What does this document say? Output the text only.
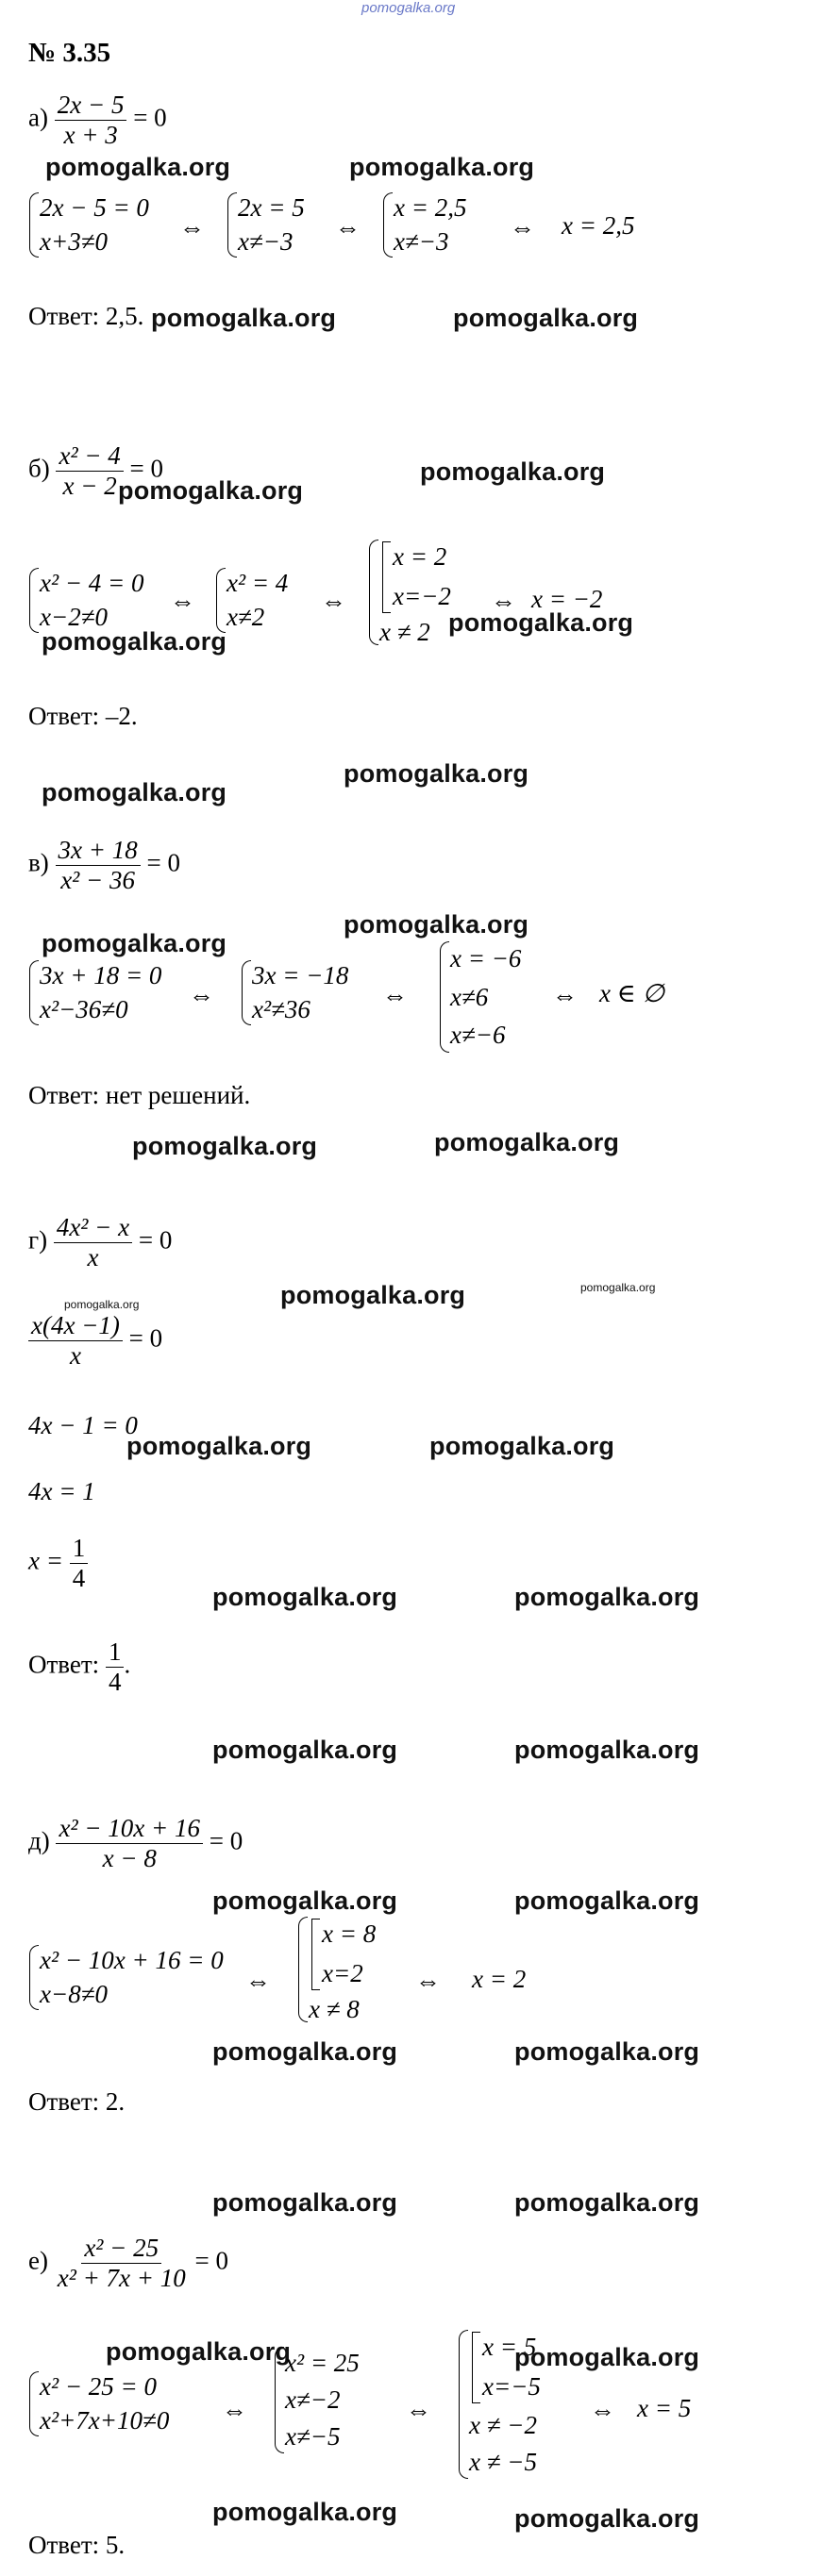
pomogalka.org
№ 3.35
$а) \frac{2x - 5}{x + 3} = 0$
pomogalka.org	pomogalka.org
2x − 5 = 0
x+3≠0
⇔
2x = 5
x≠−3
⇔
x = 2,5
x≠−3
⇔ x = 2,5
Ответ: 2,5. pomogalka.org	pomogalka.org
$б) \frac{\text{x² − 4}}{x - 2} = 0$
pomogalka.org
pomogalka.org
x² − 4 = 0
x−2≠0
⇔
x² = 4
x≠2
⇔
x = 2
x=−2
x ≠ 2
⇔ x = −2
pomogalka.org
pomogalka.org
Ответ: –2.
pomogalka.org
pomogalka.org
$в) \frac{3x + 18}{\text{x² − 36}} = 0$
pomogalka.org
pomogalka.org
3x + 18 = 0
x²−36≠0
⇔
3x = −18
x²≠36
⇔
x = −6
x≠6
x≠−6
⇔ x ∈ ∅
Ответ: нет решений.
pomogalka.org	pomogalka.org
$г) \frac{\text{4x² − x}}{x} = 0$
pomogalka.org	pomogalka.org	pomogalka.org
$\frac{x(4x -1)}{x} = 0$
4x − 1 = 0
pomogalka.org	pomogalka.org
4x = 1
$x = \frac{1}{4}$
pomogalka.org	pomogalka.org
Ответ: $\frac{1}{4}$ .
pomogalka.org	pomogalka.org
$д) \frac{\text{x² − 10x + 16}}{x - 8} = 0$
pomogalka.org	pomogalka.org
x² − 10x + 16 = 0
x−8≠0	⇔
x = 8
x=2
x ≠ 8
⇔ x = 2
pomogalka.org	pomogalka.org
Ответ: 2.
pomogalka.org	pomogalka.org
$е) \frac{\text{x² − 25}}{\text{x² + 7x + 10}} = 0$
pomogalka.org
x² − 25 = 0
x²+7x+10≠0 ⇔
x² = 25
x≠−2
x≠−5
⇔
x = 5
x=−5
x ≠ −2
x ≠ −5
pomogalka.org
⇔ x = 5
pomogalka.org	pomogalka.org
Ответ: 5.
